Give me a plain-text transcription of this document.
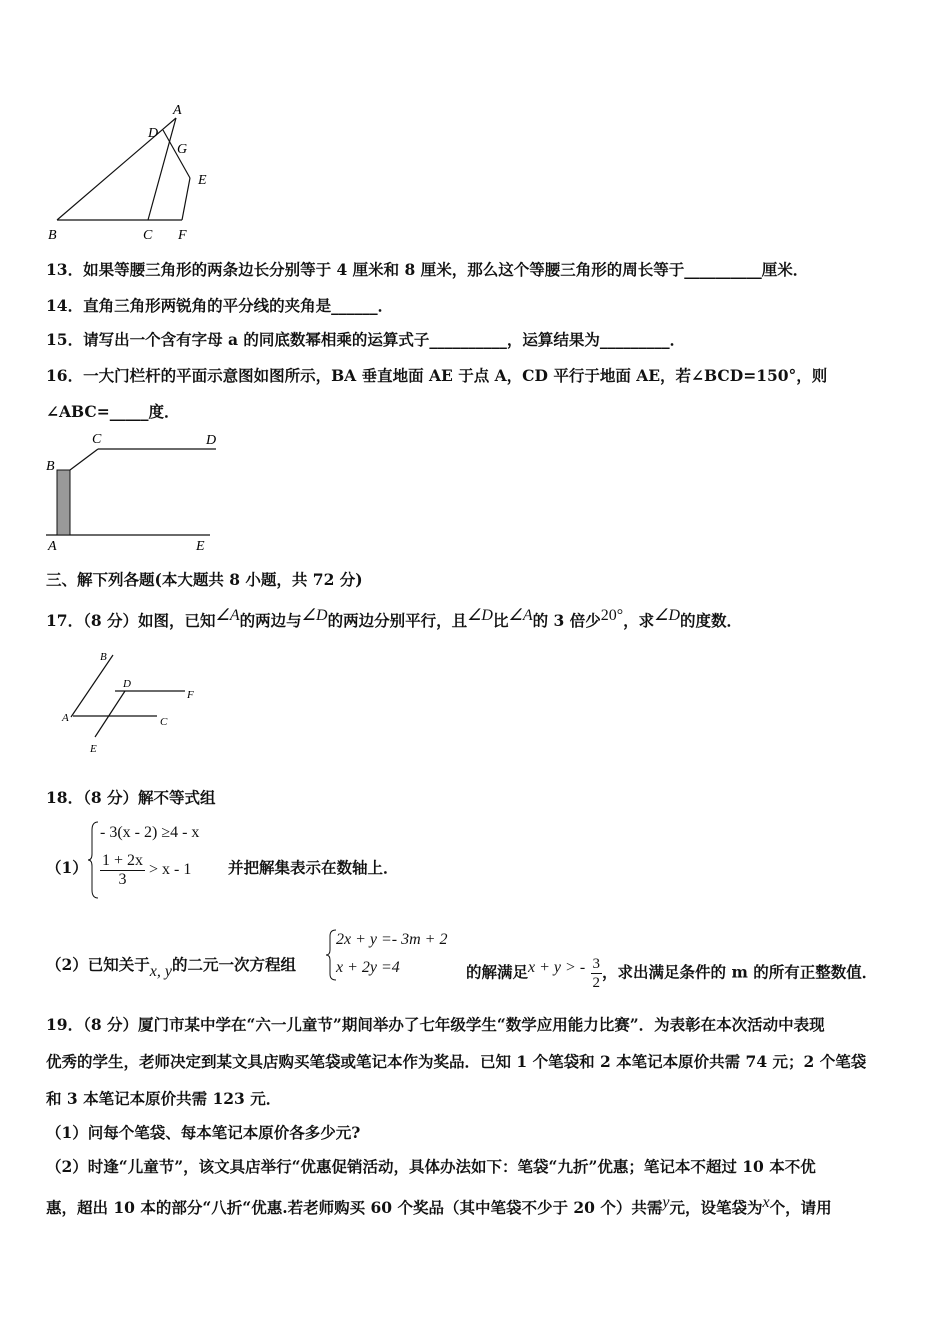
A
D
G
E
B	C F
13．如果等腰三角形的两条边长分别等于 4 厘米和 8 厘米，那么这个等腰三角形的周长等于__________厘米．
14．直角三角形两锐角的平分线的夹角是______．
15．请写出一个含有字母 a 的同底数幂相乘的运算式子__________，运算结果为_________．
16．一大门栏杆的平面示意图如图所示，BA 垂直地面 AE 于点 A，CD 平行于地面 AE，若∠BCD=150°，则
∠ABC=_____度．
C	D
B
A	E
三、解下列各题(本大题共 8 小题，共 72 分)
17．（8 分）如图，已知$^{\angle A}$的两边与$^{\angle D}$的两边分别平行，且$^{\angle D}$比$^{\angle A}$的 3 倍少$^{20^\circ}$，求$^{\angle D}$的度数．
B
D
F
A	C
E
18．（8 分）解不等式组
（1）
- 3(x - 2) ≥4 - x
$\frac{1 + 2x}{3} > x - 1$ 并把解集表示在数轴上．
（2）已知关于x, y的二元一次方程组
2x + y =- 3m + 2
x + 2y =4	的解满足x + y > - $\frac{3}{2}$ ，求出满足条件的 m 的所有正整数值．
19．（8 分）厦门市某中学在“六一儿童节”期间举办了七年级学生“数学应用能力比赛”．为表彰在本次活动中表现
优秀的学生，老师决定到某文具店购买笔袋或笔记本作为奖品．已知 1 个笔袋和 2 本笔记本原价共需 74 元；2 个笔袋
和 3 本笔记本原价共需 123 元．
（1）问每个笔袋、每本笔记本原价各多少元?
（2）时逢“儿童节”，该文具店举行“优惠促销活动，具体办法如下：笔袋“九折”优惠；笔记本不超过 10 本不优
惠，超出 10 本的部分“八折“优惠.若老师购买 60 个奖品（其中笔袋不少于 20 个）共需$^y$元，设笔袋为$^x$个，请用
